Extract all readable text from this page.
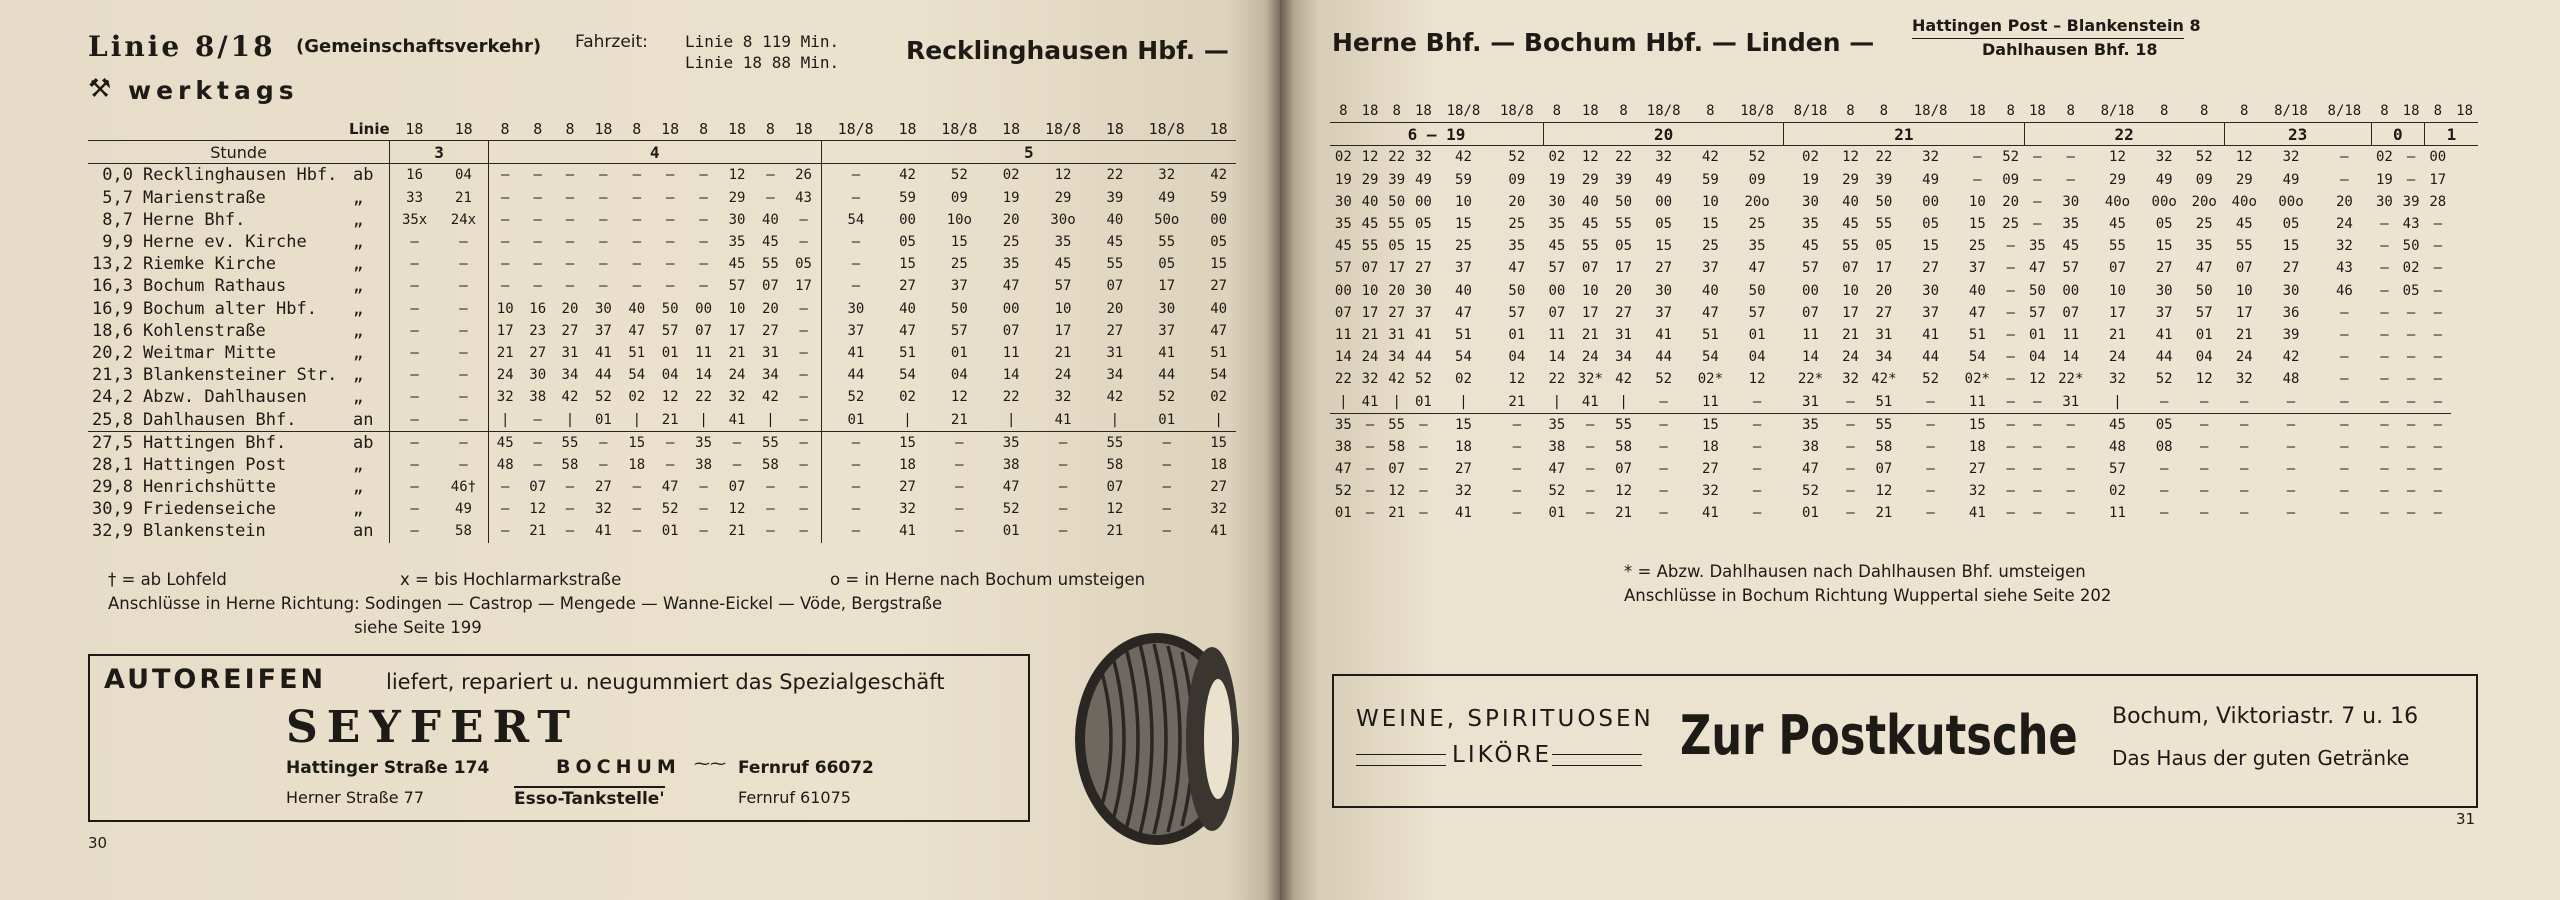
Linie 8/18 (Gemeinschaftsverkehr) Fahrzeit: Linie 8 119 Min.
Linie 18 88 Min.	Recklinghausen Hbf. —
⚒ werktags
		Linie	18	18	8	8	8	18	8	18	8	18	8	18	18/8	18	18/8	18	18/8	18	18/8	18
Stunde			3		4										5							
0,0	Recklinghausen Hbf.	ab	16	04	—	—	—	—	—	—	—	12	—	26	—	42	52	02	12	22	32	42
5,7	Marienstraße	„	33	21	—	—	—	—	—	—	—	29	—	43	—	59	09	19	29	39	49	59
8,7	Herne Bhf.	„	35x	24x	—	—	—	—	—	—	—	30	40	—	54	00	10o	20	30o	40	50o	00
9,9	Herne ev. Kirche	„	—	—	—	—	—	—	—	—	—	35	45	—	—	05	15	25	35	45	55	05
13,2	Riemke Kirche	„	—	—	—	—	—	—	—	—	—	45	55	05	—	15	25	35	45	55	05	15
16,3	Bochum Rathaus	„	—	—	—	—	—	—	—	—	—	57	07	17	—	27	37	47	57	07	17	27
16,9	Bochum alter Hbf.	„	—	—	10	16	20	30	40	50	00	10	20	—	30	40	50	00	10	20	30	40
18,6	Kohlenstraße	„	—	—	17	23	27	37	47	57	07	17	27	—	37	47	57	07	17	27	37	47
20,2	Weitmar Mitte	„	—	—	21	27	31	41	51	01	11	21	31	—	41	51	01	11	21	31	41	51
21,3	Blankensteiner Str.	„	—	—	24	30	34	44	54	04	14	24	34	—	44	54	04	14	24	34	44	54
24,2	Abzw. Dahlhausen	„	—	—	32	38	42	52	02	12	22	32	42	—	52	02	12	22	32	42	52	02
25,8	Dahlhausen Bhf.	an	—	—	|	—	|	01	|	21	|	41	|	—	01	|	21	|	41	|	01	|
27,5	Hattingen Bhf.	ab	—	—	45	—	55	—	15	—	35	—	55	—	—	15	—	35	—	55	—	15
28,1	Hattingen Post	„	—	—	48	—	58	—	18	—	38	—	58	—	—	18	—	38	—	58	—	18
29,8	Henrichshütte	„	—	46†	—	07	—	27	—	47	—	07	—	—	—	27	—	47	—	07	—	27
30,9	Friedenseiche	„	—	49	—	12	—	32	—	52	—	12	—	—	—	32	—	52	—	12	—	32
32,9	Blankenstein	an	—	58	—	21	—	41	—	01	—	21	—	—	—	41	—	01	—	21	—	41
† = ab Lohfeld	x = bis Hochlarmarkstraße	o = in Herne nach Bochum umsteigen
Anschlüsse in Herne Richtung: Sodingen — Castrop — Mengede — Wanne-Eickel — Vöde, Bergstraße
siehe Seite 199
AUTOREIFEN	liefert, repariert u. neugummiert das Spezialgeschäft
SEYFERT
Hattinger Straße 174	BOCHUM ⁓⁓ Fernruf 66072
Herner Straße 77	Esso-Tankstelle'	Fernruf 61075
30
Herne Bhf. — Bochum Hbf. — Linden —
Hattingen Post – Blankenstein 8
Dahlhausen Bhf. 18
8	18	8	18	18/8	18/8	8	18	8	18/8	8	18/8	8/18	8	8	18/8	18	8	18	8	8/18	8	8	8	8/18	8/18	8	18	8	18
6 — 19						20						21						22					23			0		1	
02	12	22	32	42	52	02	12	22	32	42	52	02	12	22	32	—	52	—	—	12	32	52	12	32	—	02	—	00	
19	29	39	49	59	09	19	29	39	49	59	09	19	29	39	49	—	09	—	—	29	49	09	29	49	—	19	—	17	
30	40	50	00	10	20	30	40	50	00	10	20o	30	40	50	00	10	20	—	30	40o	00o	20o	40o	00o	20	30	39	28	
35	45	55	05	15	25	35	45	55	05	15	25	35	45	55	05	15	25	—	35	45	05	25	45	05	24	—	43	—	
45	55	05	15	25	35	45	55	05	15	25	35	45	55	05	15	25	—	35	45	55	15	35	55	15	32	—	50	—	
57	07	17	27	37	47	57	07	17	27	37	47	57	07	17	27	37	—	47	57	07	27	47	07	27	43	—	02	—	
00	10	20	30	40	50	00	10	20	30	40	50	00	10	20	30	40	—	50	00	10	30	50	10	30	46	—	05	—	
07	17	27	37	47	57	07	17	27	37	47	57	07	17	27	37	47	—	57	07	17	37	57	17	36	—	—	—	—	
11	21	31	41	51	01	11	21	31	41	51	01	11	21	31	41	51	—	01	11	21	41	01	21	39	—	—	—	—	
14	24	34	44	54	04	14	24	34	44	54	04	14	24	34	44	54	—	04	14	24	44	04	24	42	—	—	—	—	
22	32	42	52	02	12	22	32*	42	52	02*	12	22*	32	42*	52	02*	—	12	22*	32	52	12	32	48	—	—	—	—	
|	41	|	01	|	21	|	41	|	—	11	—	31	—	51	—	11	—	—	31	|	—	—	—	—	—	—	—	—	
35	—	55	—	15	—	35	—	55	—	15	—	35	—	55	—	15	—	—	—	45	05	—	—	—	—	—	—	—	
38	—	58	—	18	—	38	—	58	—	18	—	38	—	58	—	18	—	—	—	48	08	—	—	—	—	—	—	—	
47	—	07	—	27	—	47	—	07	—	27	—	47	—	07	—	27	—	—	—	57	—	—	—	—	—	—	—	—	
52	—	12	—	32	—	52	—	12	—	32	—	52	—	12	—	32	—	—	—	02	—	—	—	—	—	—	—	—	
01	—	21	—	41	—	01	—	21	—	41	—	01	—	21	—	41	—	—	—	11	—	—	—	—	—	—	—	—	
* = Abzw. Dahlhausen nach Dahlhausen Bhf. umsteigen
Anschlüsse in Bochum Richtung Wuppertal siehe Seite 202
WEINE, SPIRITUOSEN
LIKÖRE Zur Postkutsche Bochum, Viktoriastr. 7 u. 16
Das Haus der guten Getränke
31
